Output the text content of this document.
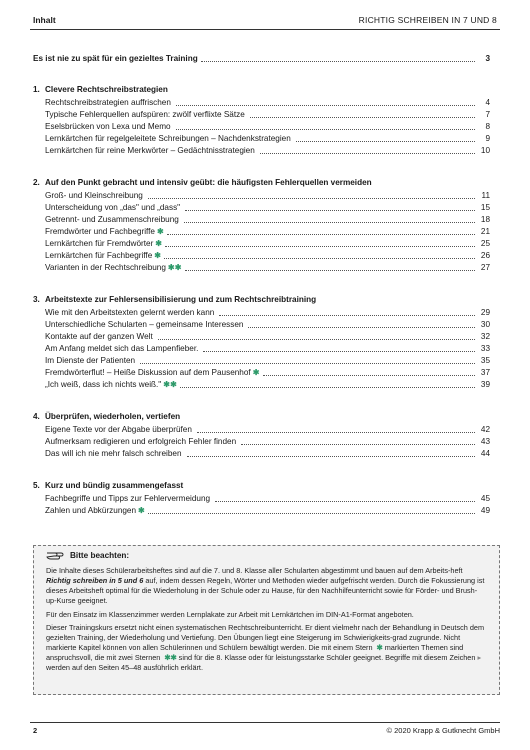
Inhalt	RICHTIG SCHREIBEN IN 7 UND 8
Es ist nie zu spät für ein gezieltes Training	3
1. Clevere Rechtschreibstrategien
Rechtschreibstrategien auffrischen	4
Typische Fehlerquellen aufspüren: zwölf verflixte Sätze	7
Eselsbrücken von Lexa und Memo	8
Lernkärtchen für regelgeleitete Schreibungen – Nachdenkstrategien	9
Lernkärtchen für reine Merkwörter – Gedächtnisstrategien	10
2. Auf den Punkt gebracht und intensiv geübt: die häufigsten Fehlerquellen vermeiden
Groß- und Kleinschreibung	11
Unterscheidung von „das" und „dass"	15
Getrennt- und Zusammenschreibung	18
Fremdwörter und Fachbegriffe ✱	21
Lernkärtchen für Fremdwörter ✱	25
Lernkärtchen für Fachbegriffe ✱	26
Varianten in der Rechtschreibung ✱✱	27
3. Arbeitstexte zur Fehlersensibilisierung und zum Rechtschreibtraining
Wie mit den Arbeitstexten gelernt werden kann	29
Unterschiedliche Schularten – gemeinsame Interessen	30
Kontakte auf der ganzen Welt	32
Am Anfang meldet sich das Lampenfieber.	33
Im Dienste der Patienten	35
Fremdwörterflut! – Heiße Diskussion auf dem Pausenhof ✱	37
„Ich weiß, dass ich nichts weiß." ✱✱	39
4. Überprüfen, wiederholen, vertiefen
Eigene Texte vor der Abgabe überprüfen	42
Aufmerksam redigieren und erfolgreich Fehler finden	43
Das will ich nie mehr falsch schreiben	44
5. Kurz und bündig zusammengefasst
Fachbegriffe und Tipps zur Fehlervermeidung	45
Zahlen und Abkürzungen ✱	49
Bitte beachten:

Die Inhalte dieses Schülerarbeitsheftes sind auf die 7. und 8. Klasse aller Schularten abgestimmt und bauen auf dem Arbeits-heft Richtig schreiben in 5 und 6 auf, indem dessen Regeln, Wörter und Methoden wieder aufgefrischt werden. Durch die Fokussierung ist dieses Arbeitsheft optimal für die Wiederholung in der Schule oder zu Hause, für den Nachhilfeunterricht sowie für Förder- und Brush-up-Kurse geeignet.

Für den Einsatz im Klassenzimmer werden Lernplakate zur Arbeit mit Lernkärtchen im DIN-A1-Format angeboten.

Dieser Trainingskurs ersetzt nicht einen systematischen Rechtschreibunterricht. Er dient vielmehr nach der Behandlung in Deutsch dem gezielten Training, der Wiederholung und Vertiefung. Den Übungen liegt eine Steigerung im Schwierigkeits-grad zugrunde. Nicht markierte Kapitel können von allen Schülerinnen und Schülern bewältigt werden. Die mit einem Stern ✱ markierten Themen sind anspruchsvoll, die mit zwei Sternen ✱✱ sind für die 8. Klasse oder für leistungsstarke Schüler geeignet. Begriffe mit diesem Zeichen ▸ werden auf den Seiten 45–48 ausführlich erklärt.

2	© 2020 Krapp & Gutknecht GmbH
